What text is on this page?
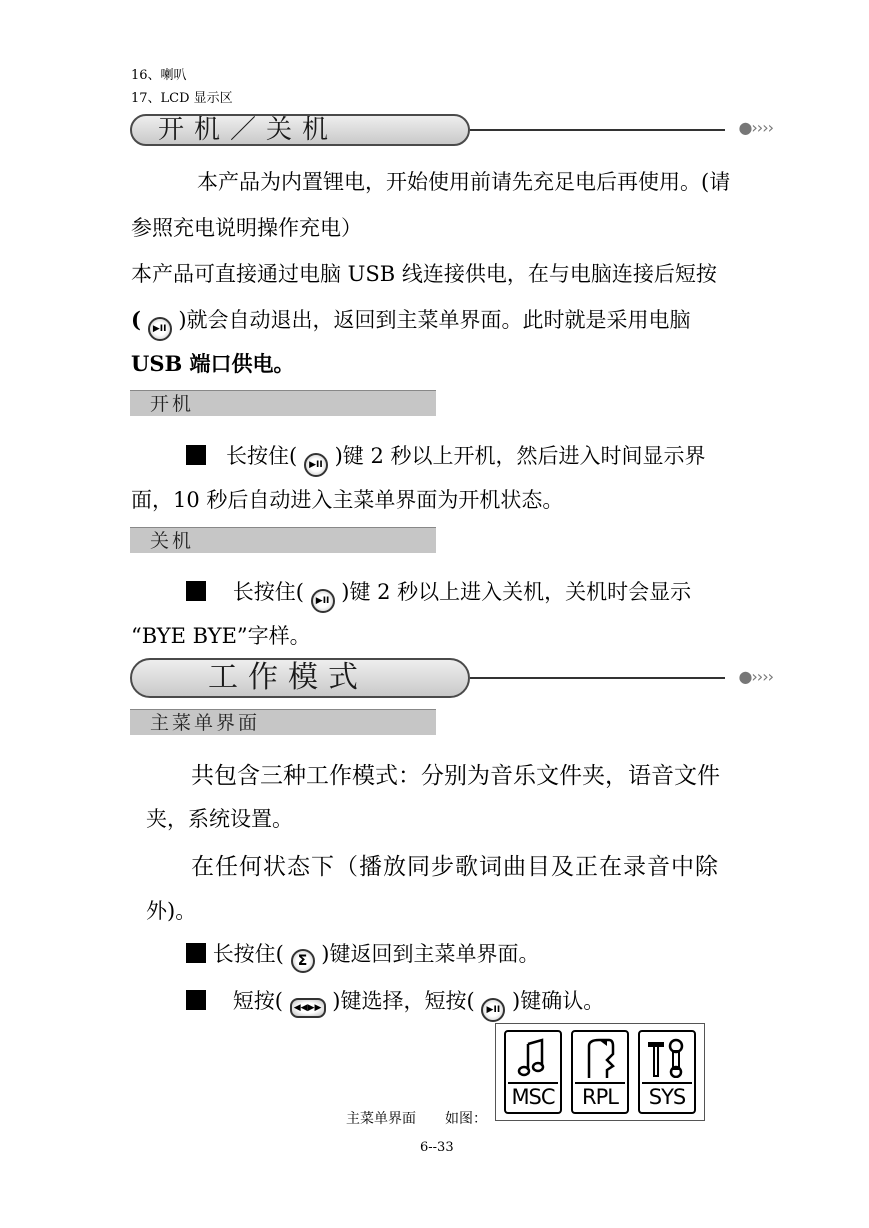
16、喇叭
17、LCD 显示区
开机／关机	●››››
本产品为内置锂电，开始使用前请先充足电后再使用。(请
参照充电说明操作充电）
本产品可直接通过电脑 USB 线连接供电，在与电脑连接后短按
( ▶II )就会自动退出，返回到主菜单界面。此时就是采用电脑
USB 端口供电。
开机
长按住( ▶II )键 2 秒以上开机，然后进入时间显示界
面，10 秒后自动进入主菜单界面为开机状态。
关机
长按住( ▶II )键 2 秒以上进入关机，关机时会显示
“BYE BYE”字样。
工作模式	●››››
主菜单界面
共包含三种工作模式：分别为音乐文件夹，语音文件
夹，系统设置。
在任何状态下（播放同步歌词曲目及正在录音中除
外)。
长按住( Σ )键返回到主菜单界面。
短按( ◀◀▶▶ )键选择，短按( ▶II )键确认。
主菜单界面 如图：
MSC	RPL	SYS
6--33
